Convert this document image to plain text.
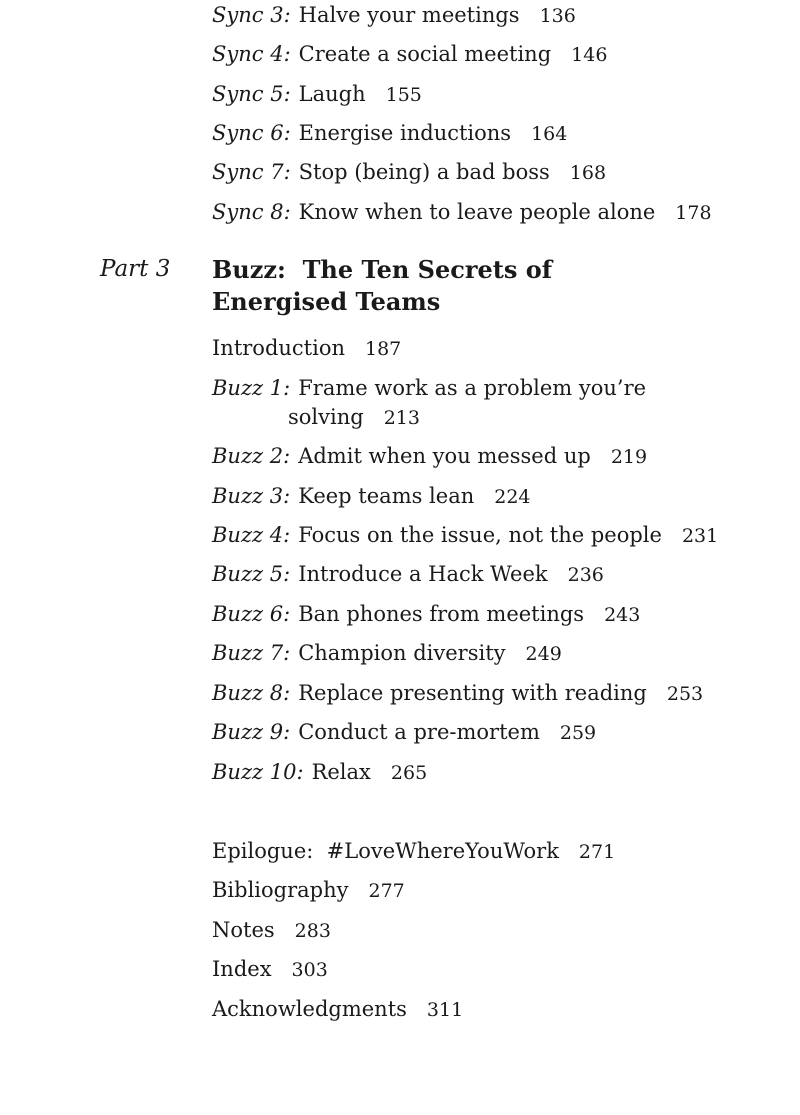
Sync 3: Halve your meetings 136
Sync 4: Create a social meeting 146
Sync 5: Laugh 155
Sync 6: Energise inductions 164
Sync 7: Stop (being) a bad boss 168
Sync 8: Know when to leave people alone 178
Part 3 Buzz:  The Ten Secrets of
Energised Teams
Introduction 187
Buzz 1: Frame work as a problem you’re
solving 213
Buzz 2: Admit when you messed up 219
Buzz 3: Keep teams lean 224
Buzz 4: Focus on the issue, not the people 231
Buzz 5: Introduce a Hack Week 236
Buzz 6: Ban phones from meetings 243
Buzz 7: Champion diversity 249
Buzz 8: Replace presenting with reading 253
Buzz 9: Conduct a pre-mortem 259
Buzz 10: Relax 265
Epilogue:  #LoveWhereYouWork 271
Bibliography 277
Notes 283
Index 303
Acknowledgments 311
